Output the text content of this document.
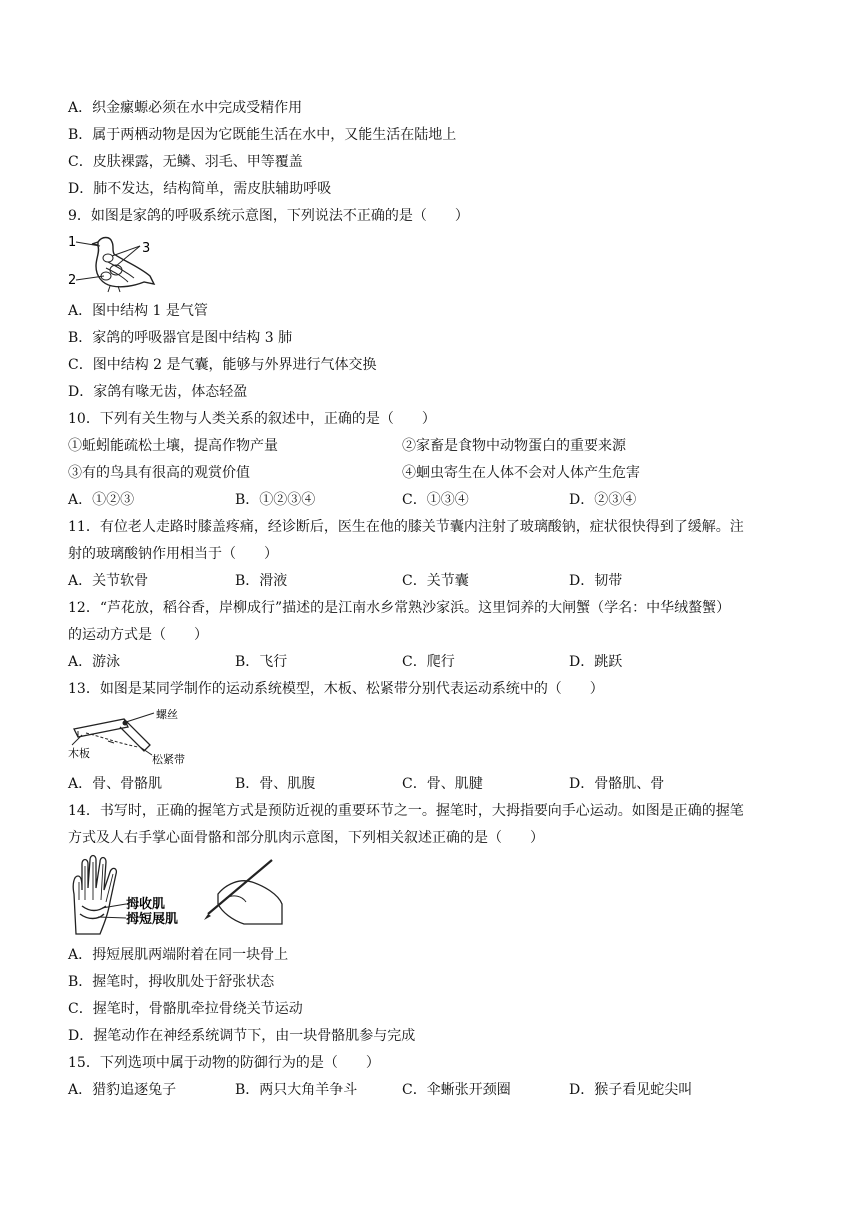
A．织金瘰螈必须在水中完成受精作用
B．属于两栖动物是因为它既能生活在水中，又能生活在陆地上
C．皮肤裸露，无鳞、羽毛、甲等覆盖
D．肺不发达，结构简单，需皮肤辅助呼吸
9．如图是家鸽的呼吸系统示意图，下列说法不正确的是（　　）
1
2
3
A．图中结构 1 是气管
B．家鸽的呼吸器官是图中结构 3 肺
C．图中结构 2 是气囊，能够与外界进行气体交换
D．家鸽有喙无齿，体态轻盈
10．下列有关生物与人类关系的叙述中，正确的是（　　）
①蚯蚓能疏松土壤，提高作物产量	②家畜是食物中动物蛋白的重要来源
③有的鸟具有很高的观赏价值	④蛔虫寄生在人体不会对人体产生危害
A．①②③	B．①②③④	C．①③④	D．②③④
11．有位老人走路时膝盖疼痛，经诊断后，医生在他的膝关节囊内注射了玻璃酸钠，症状很快得到了缓解。注
射的玻璃酸钠作用相当于（　　）
A．关节软骨	B．滑液	C．关节囊	D．韧带
12．“芦花放，稻谷香，岸柳成行”描述的是江南水乡常熟沙家浜。这里饲养的大闸蟹（学名：中华绒螯蟹）
的运动方式是（　　）
A．游泳	B．飞行	C．爬行	D．跳跃
13．如图是某同学制作的运动系统模型，木板、松紧带分别代表运动系统中的（　　）
螺丝
木板	松紧带
A．骨、骨骼肌	B．骨、肌腹	C．骨、肌腱	D．骨骼肌、骨
14．书写时，正确的握笔方式是预防近视的重要环节之一。握笔时，大拇指要向手心运动。如图是正确的握笔
方式及人右手掌心面骨骼和部分肌肉示意图，下列相关叙述正确的是（　　）
拇收肌
拇短展肌
A．拇短展肌两端附着在同一块骨上
B．握笔时，拇收肌处于舒张状态
C．握笔时，骨骼肌牵拉骨绕关节运动
D．握笔动作在神经系统调节下，由一块骨骼肌参与完成
15．下列选项中属于动物的防御行为的是（　　）
A．猎豹追逐兔子	B．两只大角羊争斗	C．伞蜥张开颈圈	D．猴子看见蛇尖叫
